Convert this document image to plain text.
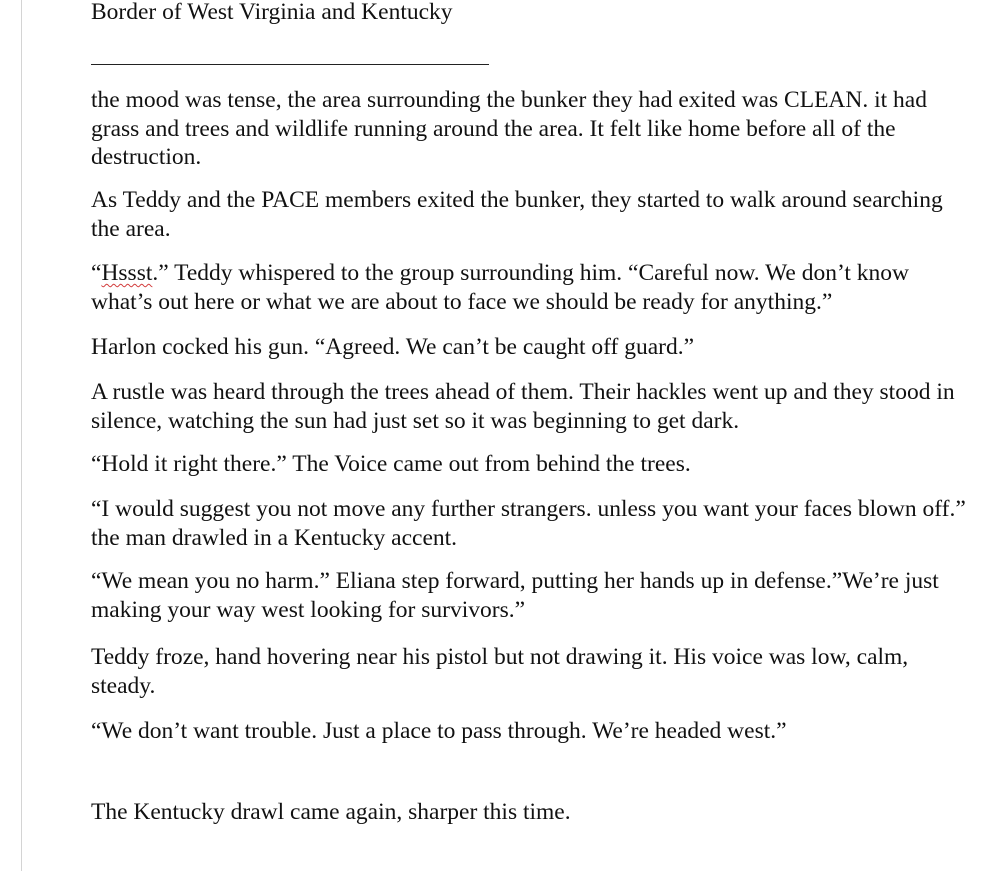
Border of West Virginia and Kentucky

the mood was tense, the area surrounding the bunker they had exited was CLEAN. it had grass and trees and wildlife running around the area. It felt like home before all of the destruction.

As Teddy and the PACE members exited the bunker, they started to walk around searching the area.

“Hssst.” Teddy whispered to the group surrounding him. “Careful now. We don’t know what’s out here or what we are about to face we should be ready for anything.”

Harlon cocked his gun. “Agreed. We can’t be caught off guard.”

A rustle was heard through the trees ahead of them. Their hackles went up and they stood in silence, watching the sun had just set so it was beginning to get dark.

“Hold it right there.” The Voice came out from behind the trees.

“I would suggest you not move any further strangers. unless you want your faces blown off.” the man drawled in a Kentucky accent.

“We mean you no harm.” Eliana step forward, putting her hands up in defense.”We’re just making your way west looking for survivors.”

Teddy froze, hand hovering near his pistol but not drawing it. His voice was low, calm, steady.

“We don’t want trouble. Just a place to pass through. We’re headed west.”

The Kentucky drawl came again, sharper this time.
